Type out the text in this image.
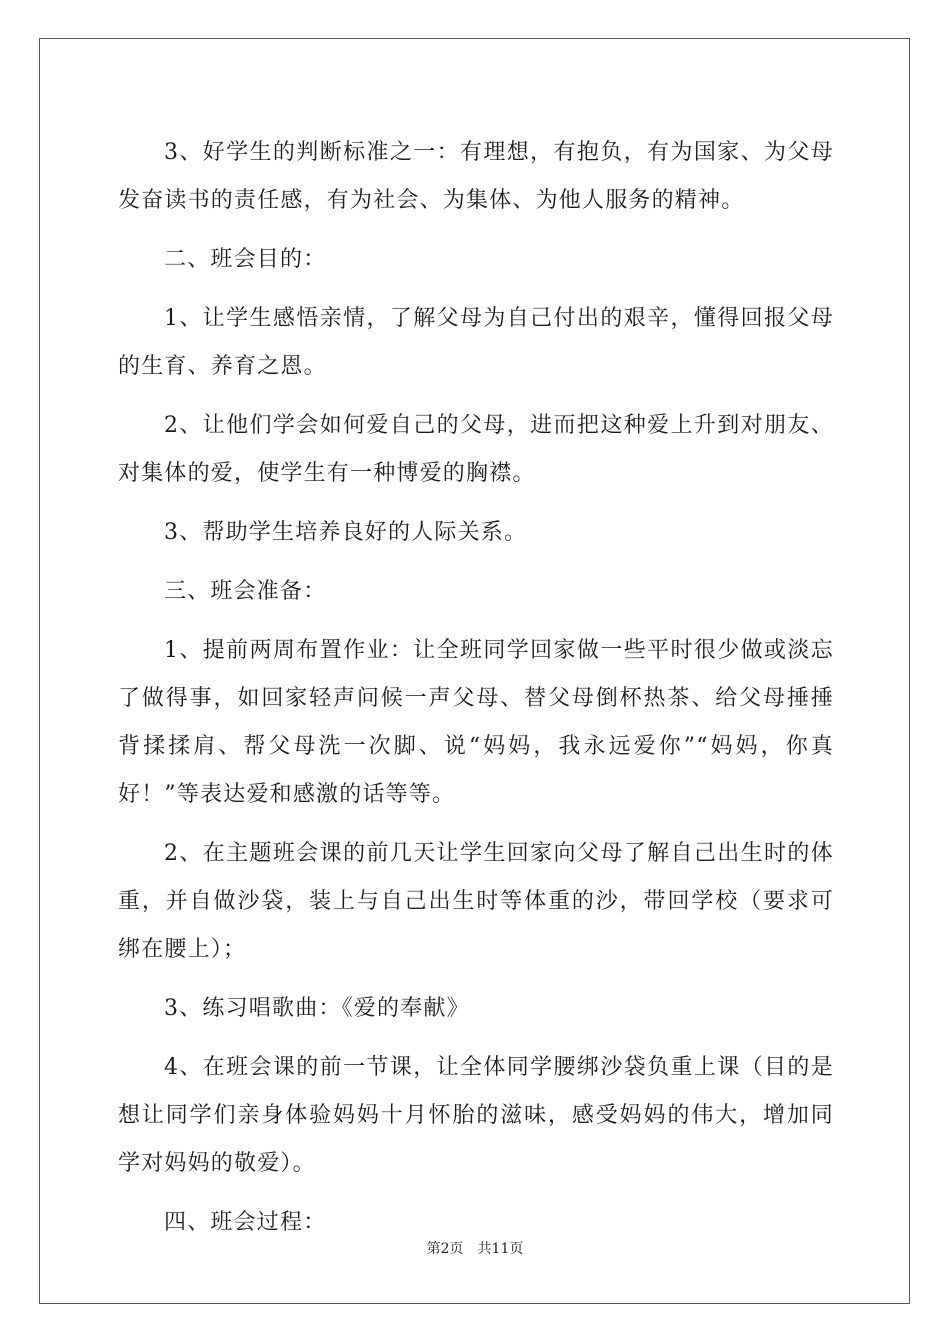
3、好学生的判断标准之一：有理想，有抱负，有为国家、为父母发奋读书的责任感，有为社会、为集体、为他人服务的精神。

二、班会目的：

1、让学生感悟亲情，了解父母为自己付出的艰辛，懂得回报父母的生育、养育之恩。

2、让他们学会如何爱自己的父母，进而把这种爱上升到对朋友、对集体的爱，使学生有一种博爱的胸襟。

3、帮助学生培养良好的人际关系。

三、班会准备：

1、提前两周布置作业：让全班同学回家做一些平时很少做或淡忘了做得事，如回家轻声问候一声父母、替父母倒杯热茶、给父母捶捶背揉揉肩、帮父母洗一次脚、说“妈妈，我永远爱你”“妈妈，你真好！”等表达爱和感激的话等等。

2、在主题班会课的前几天让学生回家向父母了解自己出生时的体重，并自做沙袋，装上与自己出生时等体重的沙，带回学校（要求可绑在腰上）；

3、练习唱歌曲：《爱的奉献》

4、在班会课的前一节课，让全体同学腰绑沙袋负重上课（目的是想让同学们亲身体验妈妈十月怀胎的滋味，感受妈妈的伟大，增加同学对妈妈的敬爱）。

四、班会过程：

第2页　共11页
